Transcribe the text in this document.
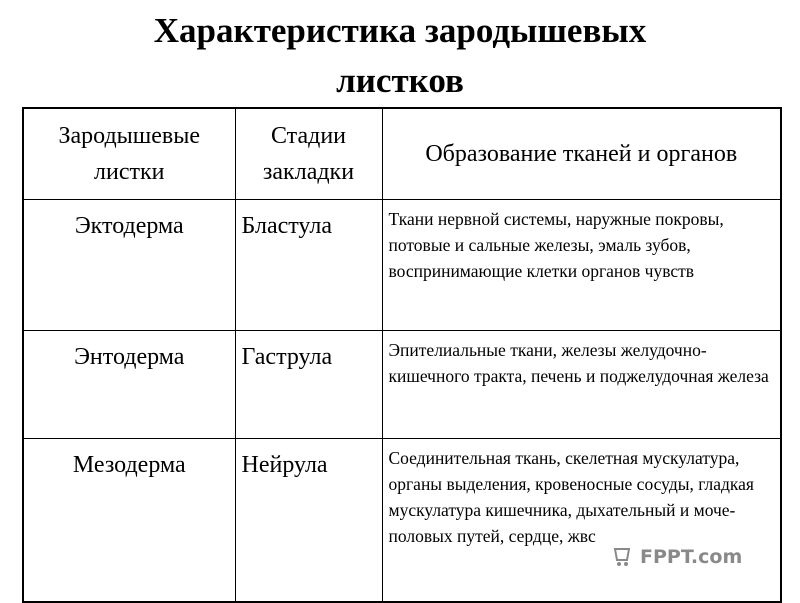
Характеристика зародышевых
листков
Зародышевые листки	Стадии закладки	Образование тканей и органов
Эктодерма	Бластула	Ткани нервной системы, наружные покровы, потовые и сальные железы, эмаль зубов, воспринимающие клетки органов чувств
Энтодерма	Гаструла	Эпителиальные ткани, железы желудочно-кишечного тракта, печень и поджелудочная железа
Мезодерма	Нейрула	Соединительная ткань, скелетная мускулатура, органы выделения, кровеносные сосуды, гладкая мускулатура кишечника, дыхательный и моче-половых путей, сердце, жвс
FPPT.com
